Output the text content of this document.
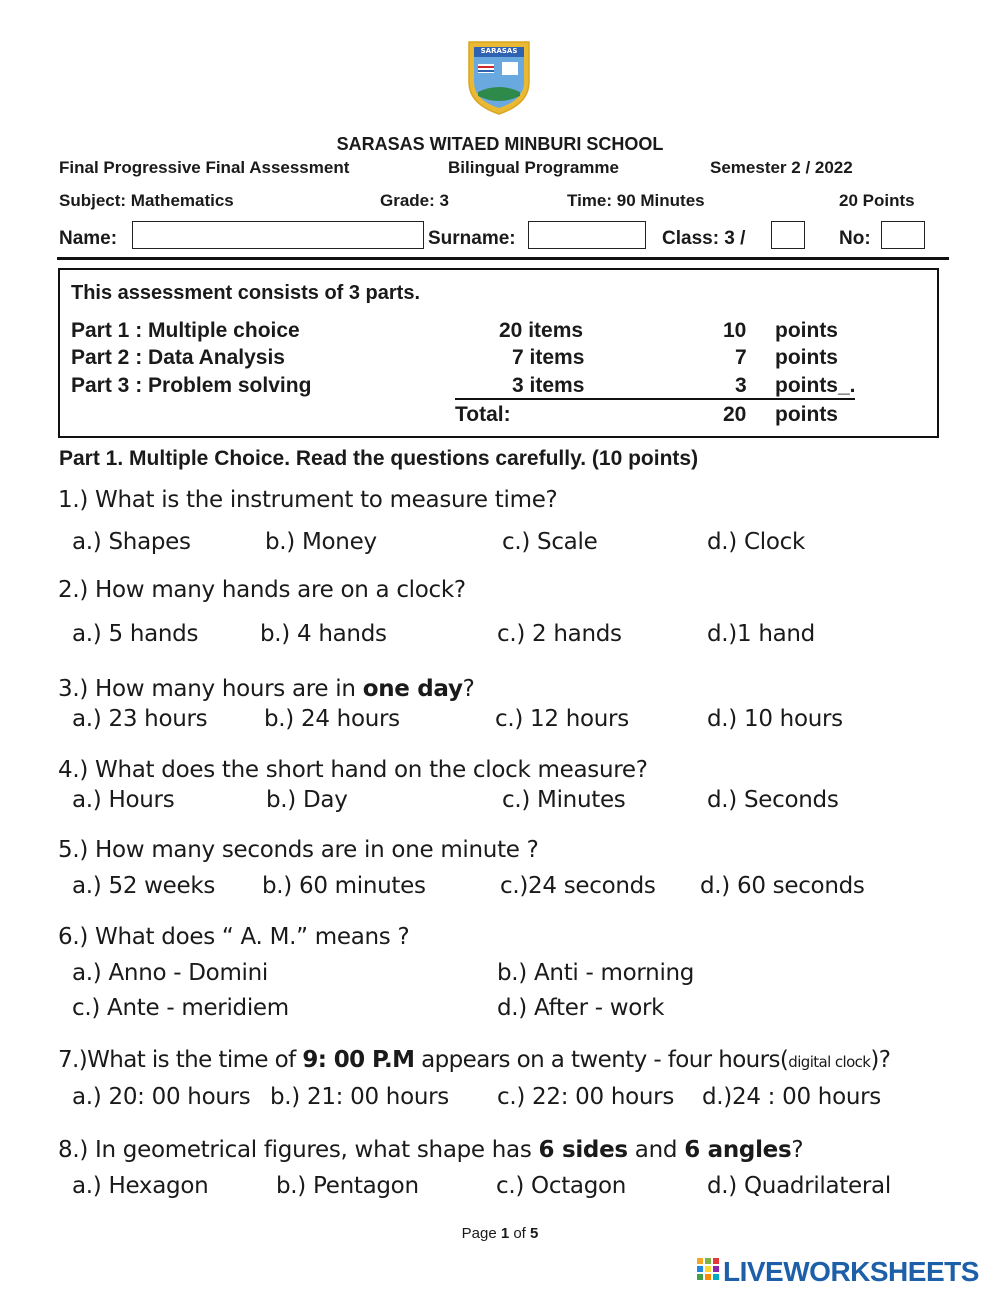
SARASAS
SARASAS WITAED MINBURI SCHOOL
Final Progressive Final Assessment	Bilingual Programme	Semester 2 / 2022
Subject: Mathematics	Grade: 3	Time: 90 Minutes	20 Points
Name:	Surname:	Class: 3 /	No:
This assessment consists of 3 parts.
Part 1 : Multiple choice	20 items	10 points
Part 2 : Data Analysis	7 items	7 points
Part 3 : Problem solving	3 items	3 points_.
Total:	20 points
Part 1. Multiple Choice. Read the questions carefully. (10 points)
1.) What is the instrument to measure time?
a.) Shapes	b.) Money	c.) Scale	d.) Clock
2.) How many hands are on a clock?
a.) 5 hands	b.) 4 hands	c.) 2 hands	d.)1 hand
3.) How many hours are in one day?
a.) 23 hours b.) 24 hours	c.) 12 hours	d.) 10 hours
4.) What does the short hand on the clock measure?
a.) Hours	b.) Day	c.) Minutes	d.) Seconds
5.) How many seconds are in one minute ?
a.) 52 weeks b.) 60 minutes	c.)24 seconds d.) 60 seconds
6.) What does “ A. M.” means ?
a.) Anno - Domini	b.) Anti - morning
c.) Ante - meridiem	d.) After - work
7.)What is the time of 9: 00 P.M appears on a twenty - four hours(digital clock)?
a.) 20: 00 hours b.) 21: 00 hours c.) 22: 00 hours d.)24 : 00 hours
8.) In geometrical figures, what shape has 6 sides and 6 angles?
a.) Hexagon	b.) Pentagon	c.) Octagon	d.) Quadrilateral
Page 1 of 5
LIVEWORKSHEETS
